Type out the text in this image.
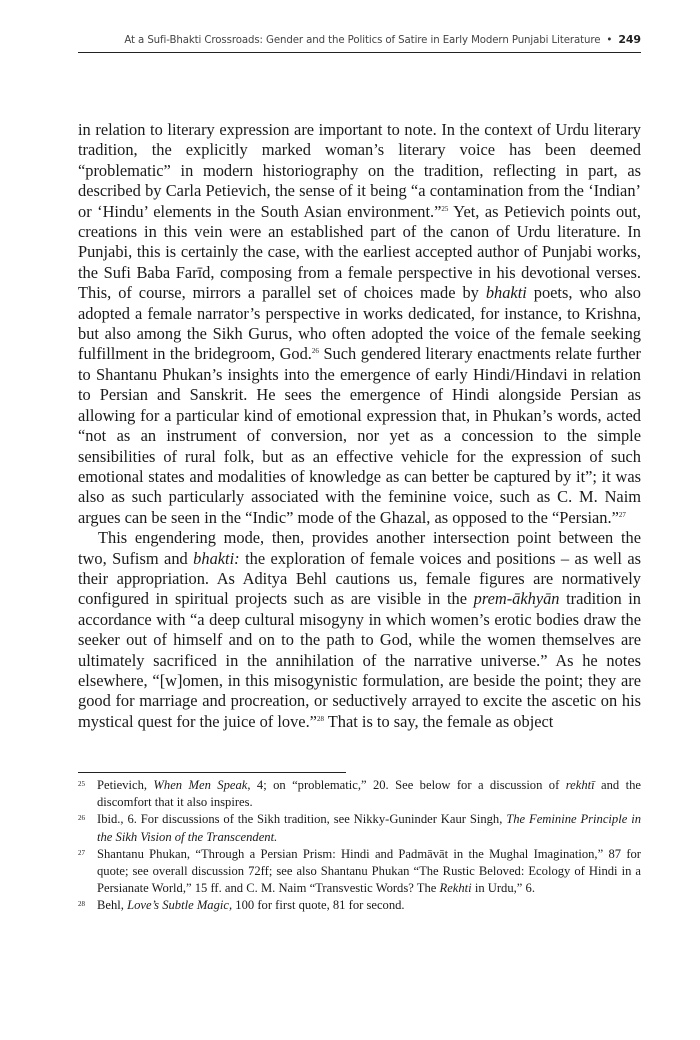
At a Sufi-Bhakti Crossroads: Gender and the Politics of Satire in Early Modern Punjabi Literature • 249

in relation to literary expression are important to note. In the context of Urdu literary tradition, the explicitly marked woman’s literary voice has been deemed “problematic” in modern historiography on the tradition, reflecting in part, as described by Carla Petievich, the sense of it being “a contamination from the ‘Indian’ or ‘Hindu’ elements in the South Asian environment.”$^{25}$ Yet, as Petievich points out, creations in this vein were an established part of the canon of Urdu literature. In Punjabi, this is certainly the case, with the earliest accepted author of Punjabi works, the Sufi Baba Farīd, composing from a female perspective in his devotional verses. This, of course, mirrors a parallel set of choices made by bhakti poets, who also adopted a female narrator’s perspective in works dedicated, for instance, to Krishna, but also among the Sikh Gurus, who often adopted the voice of the female seeking fulfillment in the bridegroom, God.$^{26}$ Such gendered literary enactments relate further to Shantanu Phukan’s insights into the emergence of early Hindi/Hindavi in relation to Persian and Sanskrit. He sees the emergence of Hindi alongside Persian as allowing for a particular kind of emotional expression that, in Phukan’s words, acted “not as an instrument of conversion, nor yet as a concession to the simple sensibilities of rural folk, but as an effective vehicle for the expression of such emotional states and modalities of knowledge as can better be captured by it”; it was also as such particularly associated with the feminine voice, such as C. M. Naim argues can be seen in the “Indic” mode of the Ghazal, as opposed to the “Persian.”$^{27}$

This engendering mode, then, provides another intersection point between the two, Sufism and bhakti: the exploration of female voices and positions – as well as their appropriation. As Aditya Behl cautions us, female figures are normatively configured in spiritual projects such as are visible in the prem-ākhyān tradition in accordance with “a deep cultural misogyny in which women’s erotic bodies draw the seeker out of himself and on to the path to God, while the women themselves are ultimately sacrificed in the annihilation of the narrative universe.” As he notes elsewhere, “[w]omen, in this misogynistic formulation, are beside the point; they are good for marriage and procreation, or seductively arrayed to excite the ascetic on his mystical quest for the juice of love.”$^{28}$ That is to say, the female as object

25 Petievich, When Men Speak, 4; on “problematic,” 20. See below for a discussion of rekhtī and the discomfort that it also inspires.
26 Ibid., 6. For discussions of the Sikh tradition, see Nikky-Guninder Kaur Singh, The Feminine Principle in the Sikh Vision of the Transcendent.
27 Shantanu Phukan, “Through a Persian Prism: Hindi and Padmāvāt in the Mughal Imagination,” 87 for quote; see overall discussion 72ff; see also Shantanu Phukan “The Rustic Beloved: Ecology of Hindi in a Persianate World,” 15 ff. and C. M. Naim “Transvestic Words? The Rekhti in Urdu,” 6.
28 Behl, Love’s Subtle Magic, 100 for first quote, 81 for second.
